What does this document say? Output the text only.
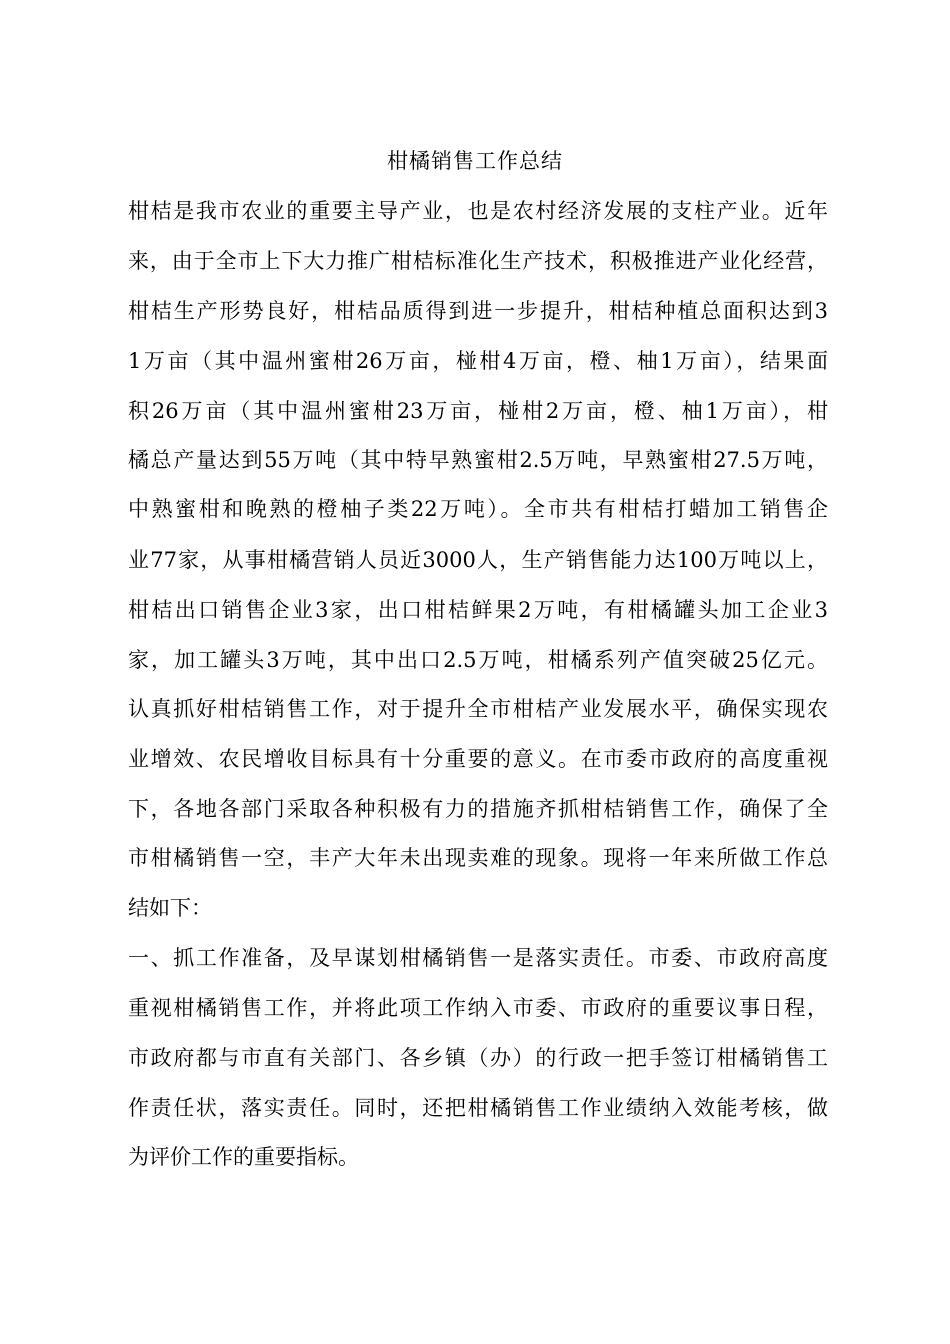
柑橘销售工作总结
柑桔是我市农业的重要主导产业，也是农村经济发展的支柱产业。近年
来，由于全市上下大力推广柑桔标准化生产技术，积极推进产业化经营，
柑桔生产形势良好，柑桔品质得到进一步提升，柑桔种植总面积达到3
1万亩（其中温州蜜柑26万亩，椪柑4万亩，橙、柚1万亩），结果面
积26万亩（其中温州蜜柑23万亩，椪柑2万亩，橙、柚1万亩），柑
橘总产量达到55万吨（其中特早熟蜜柑2.5万吨，早熟蜜柑27.5万吨，
中熟蜜柑和晚熟的橙柚子类22万吨）。全市共有柑桔打蜡加工销售企
业77家，从事柑橘营销人员近3000人，生产销售能力达100万吨以上，
柑桔出口销售企业3家，出口柑桔鲜果2万吨，有柑橘罐头加工企业3
家，加工罐头3万吨，其中出口2.5万吨，柑橘系列产值突破25亿元。
认真抓好柑桔销售工作，对于提升全市柑桔产业发展水平，确保实现农
业增效、农民增收目标具有十分重要的意义。在市委市政府的高度重视
下，各地各部门采取各种积极有力的措施齐抓柑桔销售工作，确保了全
市柑橘销售一空，丰产大年未出现卖难的现象。现将一年来所做工作总
结如下：
一、抓工作准备，及早谋划柑橘销售一是落实责任。市委、市政府高度
重视柑橘销售工作，并将此项工作纳入市委、市政府的重要议事日程，
市政府都与市直有关部门、各乡镇（办）的行政一把手签订柑橘销售工
作责任状，落实责任。同时，还把柑橘销售工作业绩纳入效能考核，做
为评价工作的重要指标。
